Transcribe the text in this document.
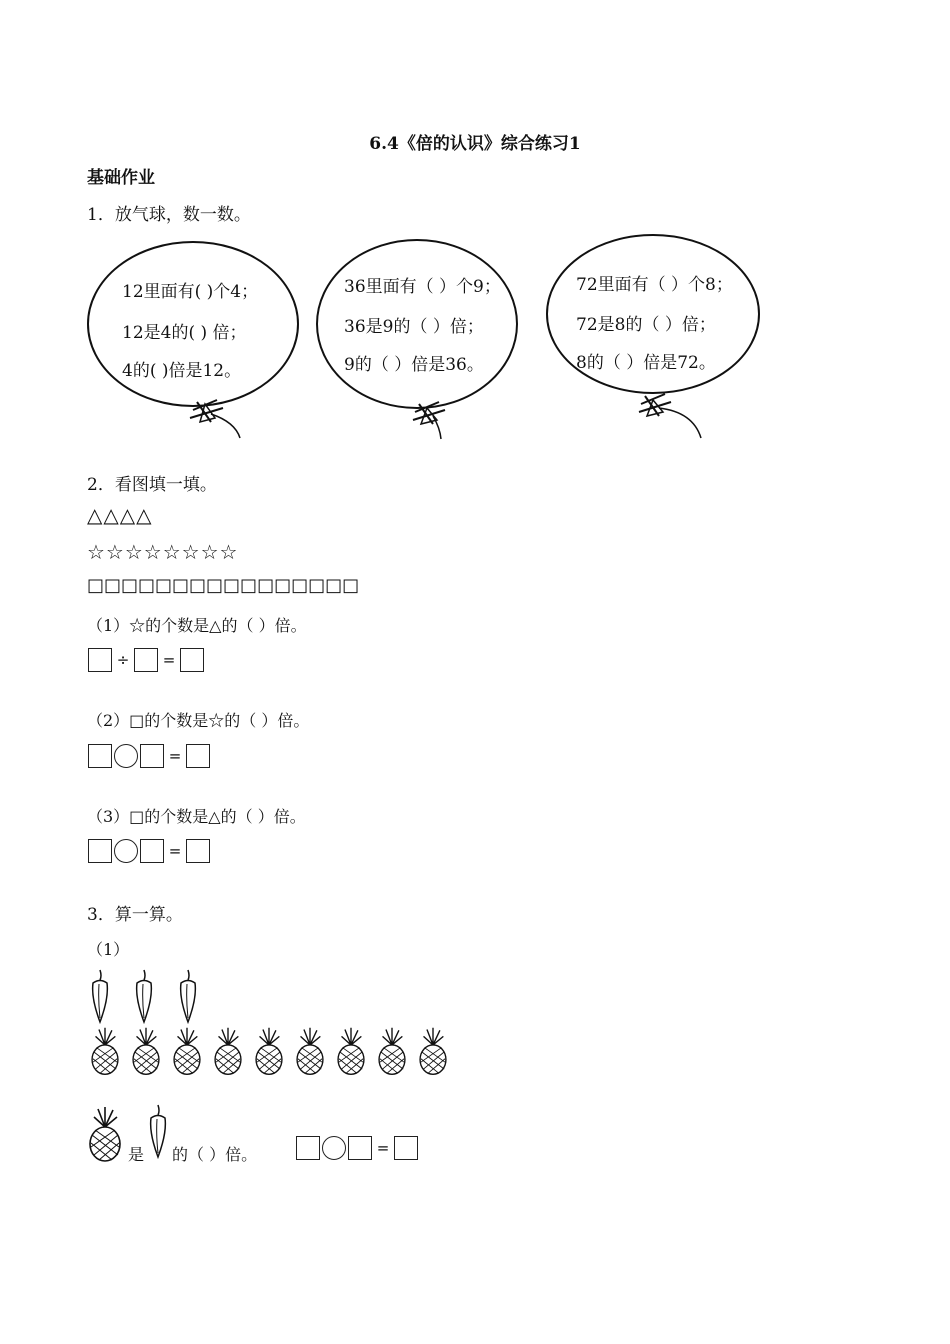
6.4《倍的认识》综合练习1
基础作业
1．放气球，数一数。
12里面有( )个4；
12是4的( ) 倍；
4的( )倍是12。
36里面有（ ）个9；
36是9的（ ）倍；
9的（ ）倍是36。
72里面有（ ）个8；
72是8的（ ）倍；
8的（ ）倍是72。
2．看图填一填。
△△△△
☆☆☆☆☆☆☆☆
□□□□□□□□□□□□□□□□
（1）☆的个数是△的（ ）倍。
÷ =
（2）□的个数是☆的（ ）倍。
=
（3）□的个数是△的（ ）倍。
=
3．算一算。
（1）
是 的（ ）倍。	=
